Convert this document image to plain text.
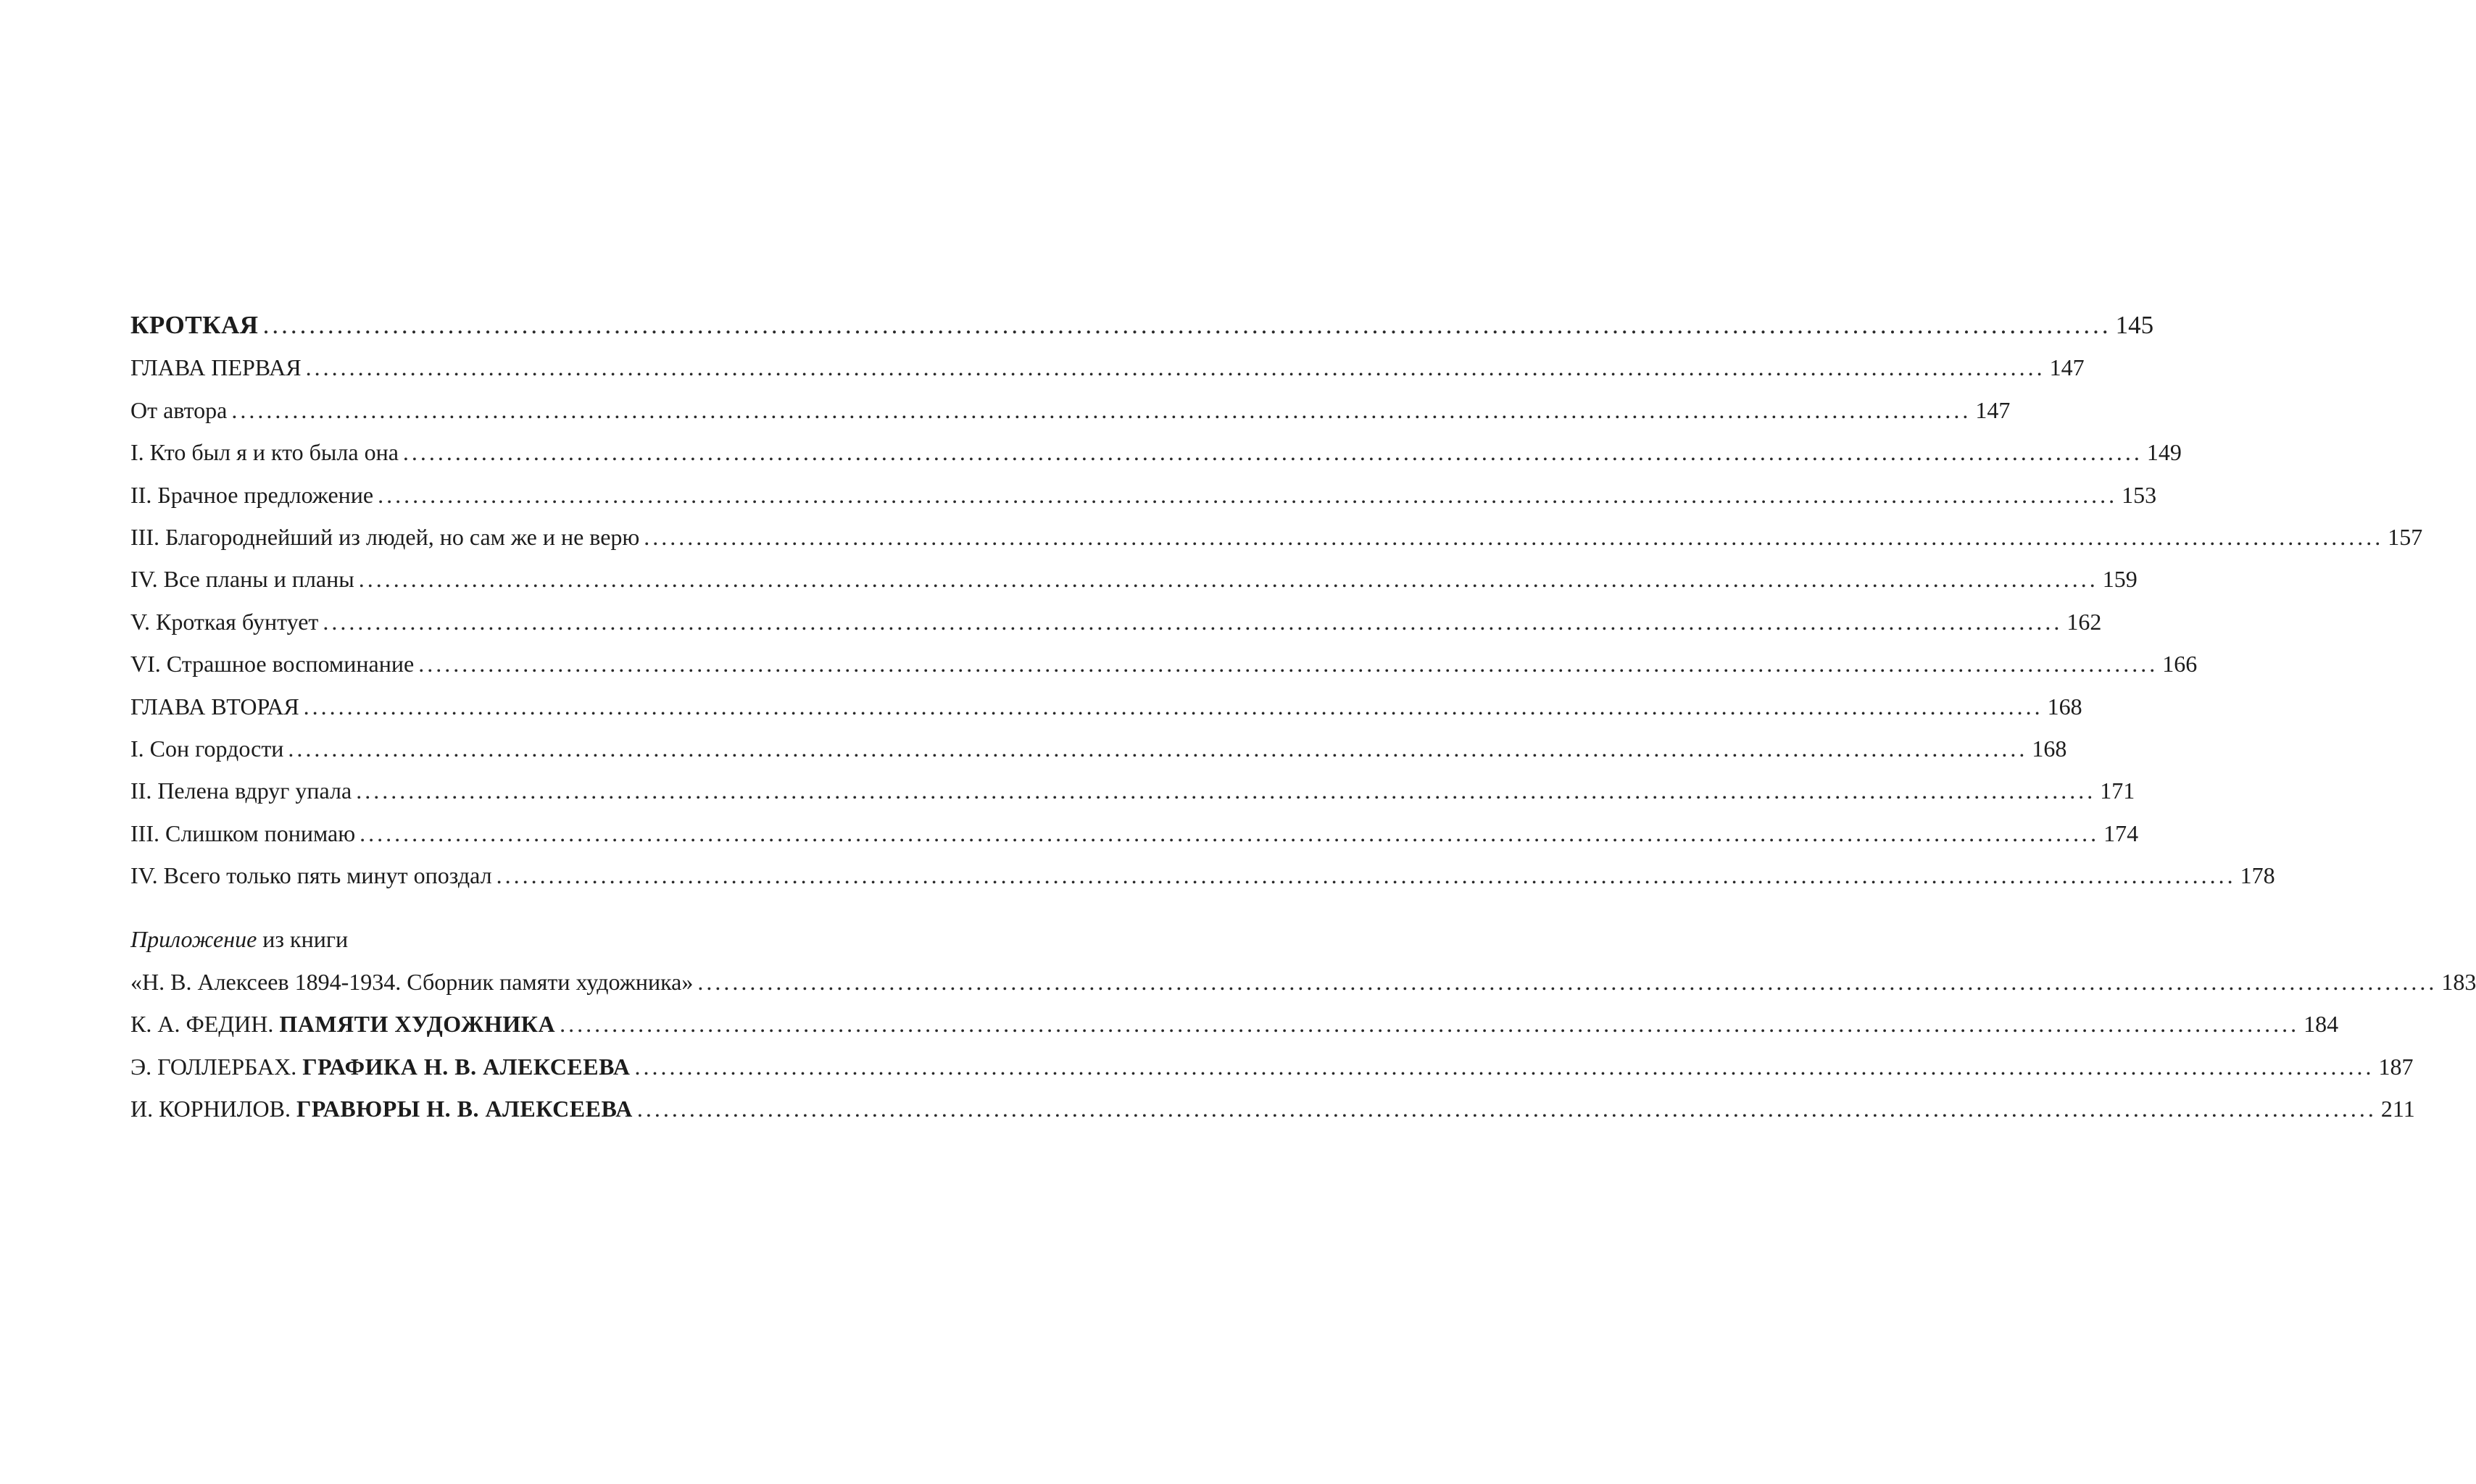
КРОТКАЯ ........................................................................................................................................................................................................ 145
ГЛАВА ПЕРВАЯ ........................................................................................................................................................................................................ 147
От автора ........................................................................................................................................................................................................ 147
I. Кто был я и кто была она ........................................................................................................................................................................................................ 149
II. Брачное предложение ........................................................................................................................................................................................................ 153
III. Благороднейший из людей, но сам же и не верю ........................................................................................................................................................................................................ 157
IV. Все планы и планы ........................................................................................................................................................................................................ 159
V. Кроткая бунтует ........................................................................................................................................................................................................ 162
VI. Страшное воспоминание ........................................................................................................................................................................................................ 166
ГЛАВА ВТОРАЯ ........................................................................................................................................................................................................ 168
I. Сон гордости ........................................................................................................................................................................................................ 168
II. Пелена вдруг упала ........................................................................................................................................................................................................ 171
III. Слишком понимаю ........................................................................................................................................................................................................ 174
IV. Всего только пять минут опоздал ........................................................................................................................................................................................................ 178
Приложение из книги
«Н. В. Алексеев 1894-1934. Сборник памяти художника» ........................................................................................................................................................................................................ 183
К. А. ФЕДИН. ПАМЯТИ ХУДОЖНИКА ........................................................................................................................................................................................................ 184
Э. ГОЛЛЕРБАХ. ГРАФИКА Н. В. АЛЕКСЕЕВА ........................................................................................................................................................................................................ 187
И. КОРНИЛОВ. ГРАВЮРЫ Н. В. АЛЕКСЕЕВА ........................................................................................................................................................................................................ 211
